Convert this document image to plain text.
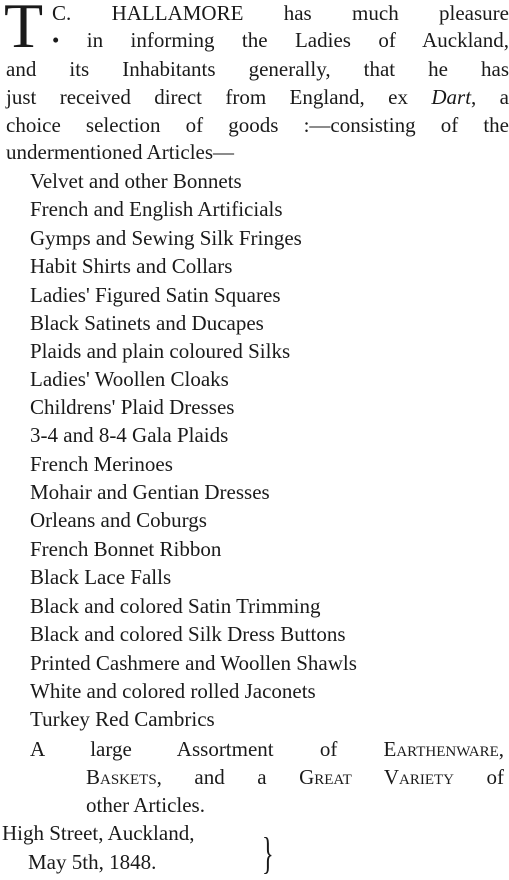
T C. HALLAMORE has much pleasure
• in informing the Ladies of Auckland,
and its Inhabitants generally, that he has
just received direct from England, ex Dart, a
choice selection of goods :—consisting of the
undermentioned Articles—
Velvet and other Bonnets
French and English Artificials
Gymps and Sewing Silk Fringes
Habit Shirts and Collars
Ladies' Figured Satin Squares
Black Satinets and Ducapes
Plaids and plain coloured Silks
Ladies' Woollen Cloaks
Childrens' Plaid Dresses
3-4 and 8-4 Gala Plaids
French Merinoes
Mohair and Gentian Dresses
Orleans and Coburgs
French Bonnet Ribbon
Black Lace Falls
Black and colored Satin Trimming
Black and colored Silk Dress Buttons
Printed Cashmere and Woollen Shawls
White and colored rolled Jaconets
Turkey Red Cambrics
A large Assortment of Earthenware,
Baskets, and a Great Variety of
other Articles.
High Street, Auckland,
May 5th, 1848. }
